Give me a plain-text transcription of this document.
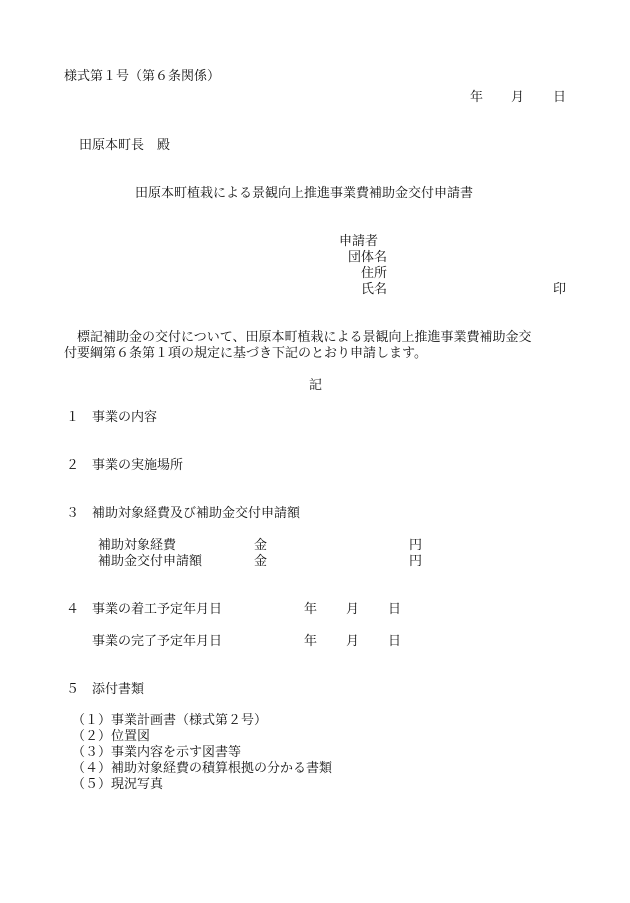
様式第１号（第６条関係）
年 月 日
田原本町長　殿
田原本町植栽による景観向上推進事業費補助金交付申請書
申請者
団体名
住所
氏名	印
　標記補助金の交付について、田原本町植栽による景観向上推進事業費補助金交
付要綱第６条第１項の規定に基づき下記のとおり申請します。
記
１ 事業の内容
２ 事業の実施場所
３ 補助対象経費及び補助金交付申請額
補助対象経費	金	円
補助金交付申請額	金	円
４ 事業の着工予定年月日	年 月 日
事業の完了予定年月日	年 月 日
５ 添付書類
（１）事業計画書（様式第２号）
（２）位置図
（３）事業内容を示す図書等
（４）補助対象経費の積算根拠の分かる書類
（５）現況写真
